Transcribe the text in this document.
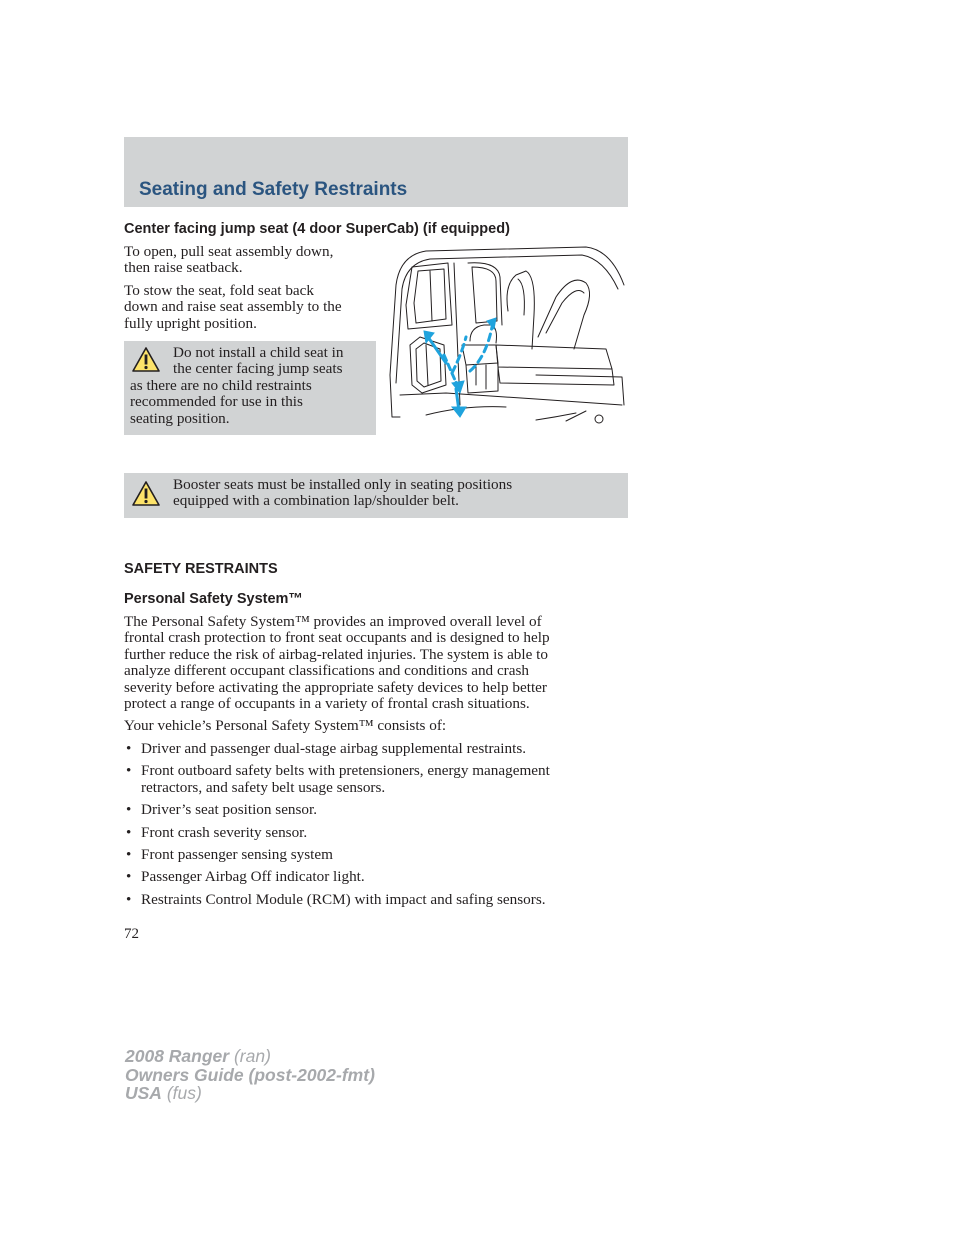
Seating and Safety Restraints
Center facing jump seat (4 door SuperCab) (if equipped)

To open, pull seat assembly down,
then raise seatback.

To stow the seat, fold seat back
down and raise seat assembly to the
fully upright position.

Do not install a child seat in
the center facing jump seats

as there are no child restraints
recommended for use in this
seating position.

Booster seats must be installed only in seating positions
equipped with a combination lap/shoulder belt.

SAFETY RESTRAINTS
Personal Safety System™

The Personal Safety System™ provides an improved overall level of
frontal crash protection to front seat occupants and is designed to help
further reduce the risk of airbag-related injuries. The system is able to
analyze different occupant classifications and conditions and crash
severity before activating the appropriate safety devices to help better
protect a range of occupants in a variety of frontal crash situations.

Your vehicle’s Personal Safety System™ consists of:

• Driver and passenger dual-stage airbag supplemental restraints.
• Front outboard safety belts with pretensioners, energy management
retractors, and safety belt usage sensors.
• Driver’s seat position sensor.
• Front crash severity sensor.
• Front passenger sensing system
• Passenger Airbag Off indicator light.
• Restraints Control Module (RCM) with impact and safing sensors.
72
2008 Ranger (ran)
Owners Guide (post-2002-fmt)
USA (fus)
